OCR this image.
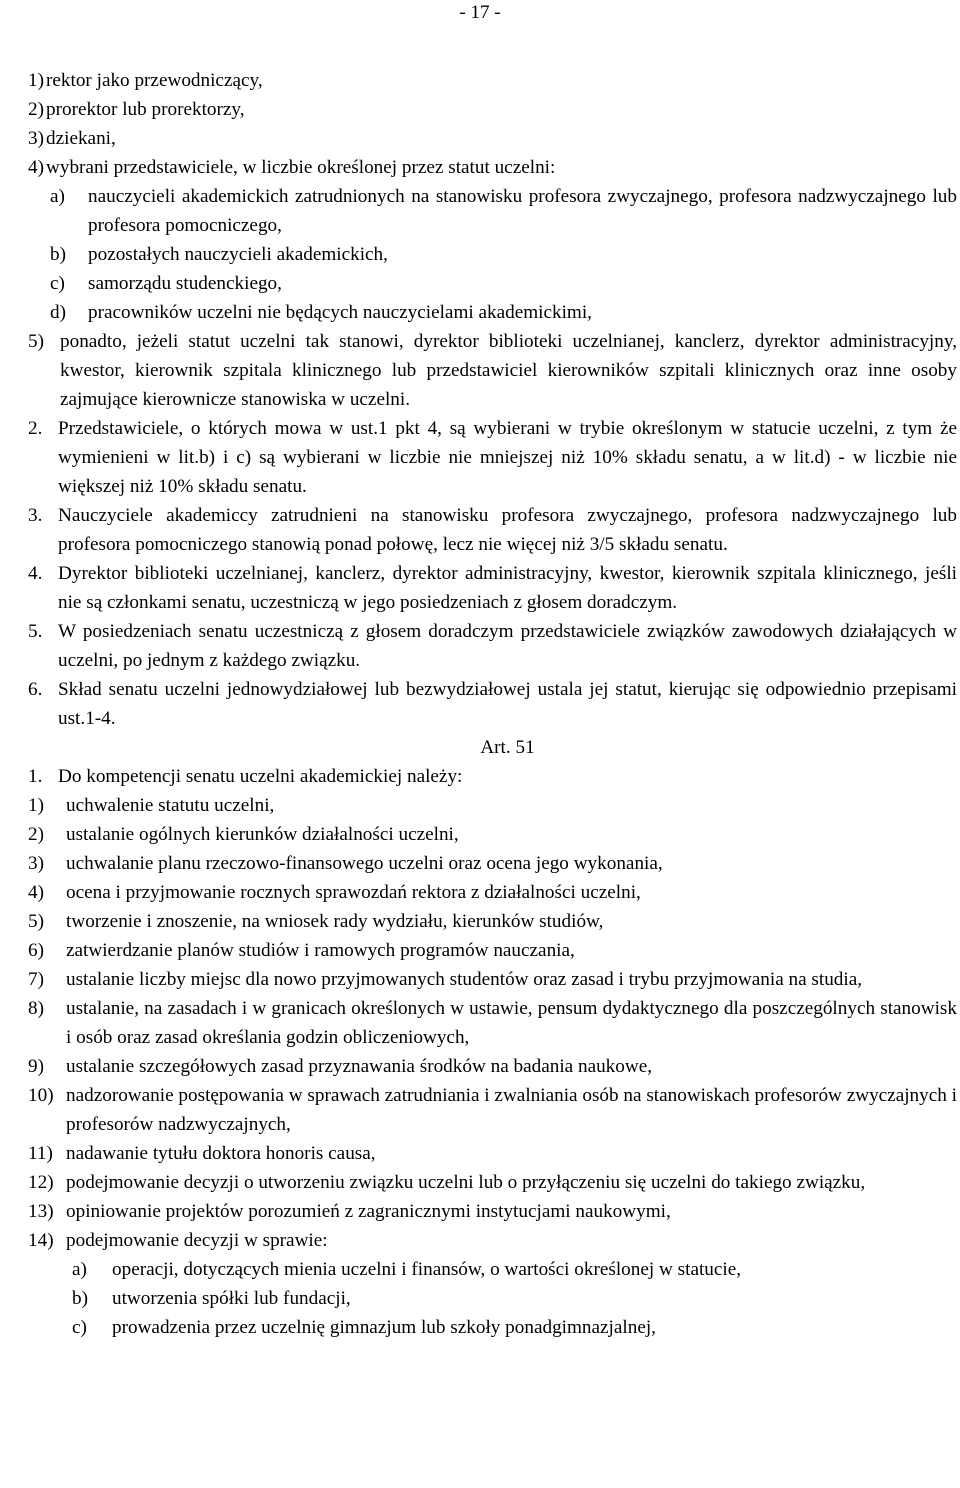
- 17 -
1) rektor jako przewodniczący,
2) prorektor lub prorektorzy,
3) dziekani,
4) wybrani przedstawiciele, w liczbie określonej przez statut uczelni:
a)	nauczycieli akademickich zatrudnionych na stanowisku profesora zwyczajnego, profesora nadzwyczajnego lub profesora pomocniczego,
b)	pozostałych nauczycieli akademickich,
c)	samorządu studenckiego,
d)	pracowników uczelni nie będących nauczycielami akademickimi,
5) ponadto, jeżeli statut uczelni tak stanowi, dyrektor biblioteki uczelnianej, kanclerz, dyrektor administracyjny, kwestor, kierownik szpitala klinicznego lub przedstawiciel kierowników szpitali klinicznych oraz inne osoby zajmujące kierownicze stanowiska w uczelni.
2. Przedstawiciele, o których mowa w ust.1 pkt 4, są wybierani w trybie określonym w statucie uczelni, z tym że wymienieni w lit.b) i c) są wybierani w liczbie nie mniejszej niż 10% składu senatu, a w lit.d) - w liczbie nie większej niż 10% składu senatu.
3. Nauczyciele akademiccy zatrudnieni na stanowisku profesora zwyczajnego, profesora nadzwyczajnego lub profesora pomocniczego stanowią ponad połowę, lecz nie więcej niż 3/5 składu senatu.
4. Dyrektor biblioteki uczelnianej, kanclerz, dyrektor administracyjny, kwestor, kierownik szpitala klinicznego, jeśli nie są członkami senatu, uczestniczą w jego posiedzeniach z głosem doradczym.
5. W posiedzeniach senatu uczestniczą z głosem doradczym przedstawiciele związków zawodowych działających w uczelni, po jednym z każdego związku.
6. Skład senatu uczelni jednowydziałowej lub bezwydziałowej ustala jej statut, kierując się odpowiednio przepisami ust.1-4.
Art. 51
1. Do kompetencji senatu uczelni akademickiej należy:
1)	uchwalenie statutu uczelni,
2)	ustalanie ogólnych kierunków działalności uczelni,
3)	uchwalanie planu rzeczowo-finansowego uczelni oraz ocena jego wykonania,
4)	ocena i przyjmowanie rocznych sprawozdań rektora z działalności uczelni,
5)	tworzenie i znoszenie, na wniosek rady wydziału, kierunków studiów,
6)	zatwierdzanie planów studiów i ramowych programów nauczania,
7)	ustalanie liczby miejsc dla nowo przyjmowanych studentów oraz zasad i trybu przyjmowania na studia,
8)	ustalanie, na zasadach i w granicach określonych w ustawie, pensum dydaktycznego dla poszczególnych stanowisk i osób oraz zasad określania godzin obliczeniowych,
9)	ustalanie szczegółowych zasad przyznawania środków na badania naukowe,
10) nadzorowanie postępowania w sprawach zatrudniania i zwalniania osób na stanowiskach profesorów zwyczajnych i profesorów nadzwyczajnych,
11) nadawanie tytułu doktora honoris causa,
12) podejmowanie decyzji o utworzeniu związku uczelni lub o przyłączeniu się uczelni do takiego związku,
13) opiniowanie projektów porozumień z zagranicznymi instytucjami naukowymi,
14) podejmowanie decyzji w sprawie:
a)	operacji, dotyczących mienia uczelni i finansów, o wartości określonej w statucie,
b)	utworzenia spółki lub fundacji,
c)	prowadzenia przez uczelnię gimnazjum lub szkoły ponadgimnazjalnej,
